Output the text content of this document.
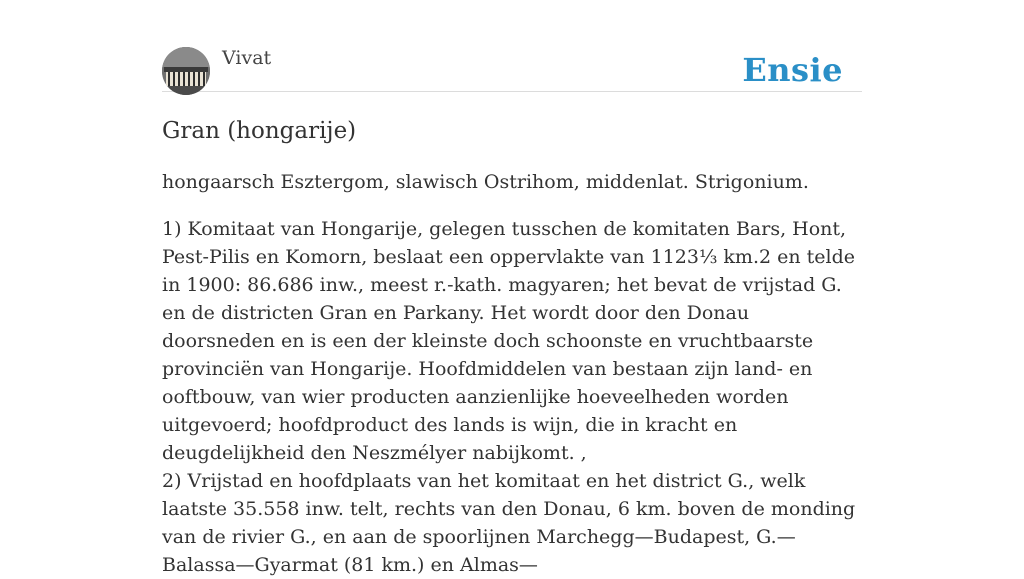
Vivat	Ensie
Gran (hongarije)

hongaarsch Esztergom, slawisch Ostrihom, middenlat. Strigonium.

1) Komitaat van Hongarije, gelegen tusschen de komitaten Bars, Hont, Pest-Pilis en Komorn, beslaat een oppervlakte van 1123⅓ km.2 en telde in 1900: 86.686 inw., meest r.-kath. magyaren; het bevat de vrijstad G. en de districten Gran en Parkany. Het wordt door den Donau doorsneden en is een der kleinste doch schoonste en vruchtbaarste provinciën van Hongarije. Hoofdmiddelen van bestaan zijn land- en ooftbouw, van wier producten aanzienlijke hoeveelheden worden uitgevoerd; hoofdproduct des lands is wijn, die in kracht en deugdelijkheid den Neszmélyer nabijkomt. ,

2) Vrijstad en hoofdplaats van het komitaat en het district G., welk laatste 35.558 inw. telt, rechts van den Donau, 6 km. boven de monding van de rivier G., en aan de spoorlijnen Marchegg—Budapest, G.—Balassa—Gyarmat (81 km.) en Almas—
